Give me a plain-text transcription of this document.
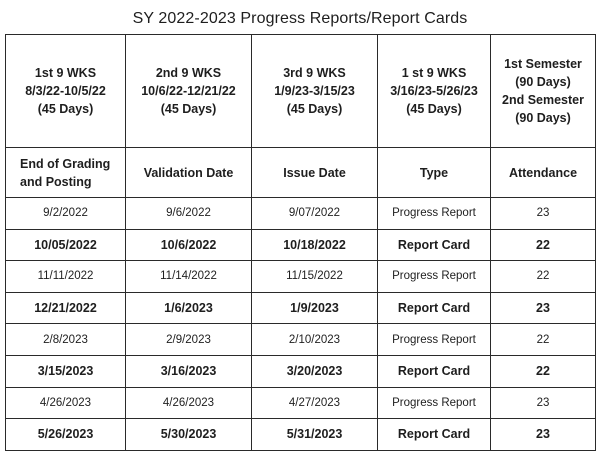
SY 2022-2023 Progress Reports/Report Cards
1st 9 WKS
8/3/22-10/5/22
(45 Days)	2nd 9 WKS
10/6/22-12/21/22
(45 Days)	3rd 9 WKS
1/9/23-3/15/23
(45 Days)	1 st 9 WKS
3/16/23-5/26/23
(45 Days)	1st Semester
(90 Days)
2nd Semester
(90 Days)

End of Grading and Posting	Validation Date	Issue Date	Type	Attendance
9/2/2022	9/6/2022	9/07/2022	Progress Report	23
10/05/2022	10/6/2022	10/18/2022	Report Card	22
11/11/2022	11/14/2022	11/15/2022	Progress Report	22
12/21/2022	1/6/2023	1/9/2023	Report Card	23
2/8/2023	2/9/2023	2/10/2023	Progress Report	22
3/15/2023	3/16/2023	3/20/2023	Report Card	22
4/26/2023	4/26/2023	4/27/2023	Progress Report	23
5/26/2023	5/30/2023	5/31/2023	Report Card	23
